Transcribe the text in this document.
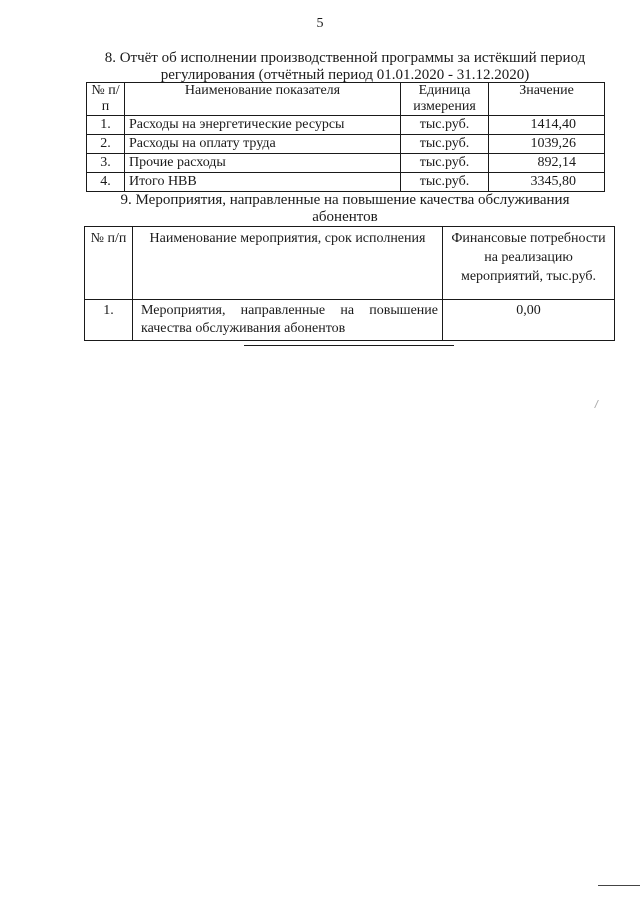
5
8. Отчёт об исполнении производственной программы за истёкший период регулирования (отчётный период 01.01.2020 - 31.12.2020)
№ п/п	Наименование показателя	Единица измерения	Значение
1.	Расходы на энергетические ресурсы	тыс.руб.	1414,40
2.	Расходы на оплату труда	тыс.руб.	1039,26
3.	Прочие расходы	тыс.руб.	892,14
4.	Итого НВВ	тыс.руб.	3345,80
9. Мероприятия, направленные на повышение качества обслуживания абонентов
№ п/п	Наименование мероприятия, срок исполнения	Финансовые потребности на реализацию мероприятий, тыс.руб.
1.	Мероприятия, направленные на повышение качества обслуживания абонентов	0,00
